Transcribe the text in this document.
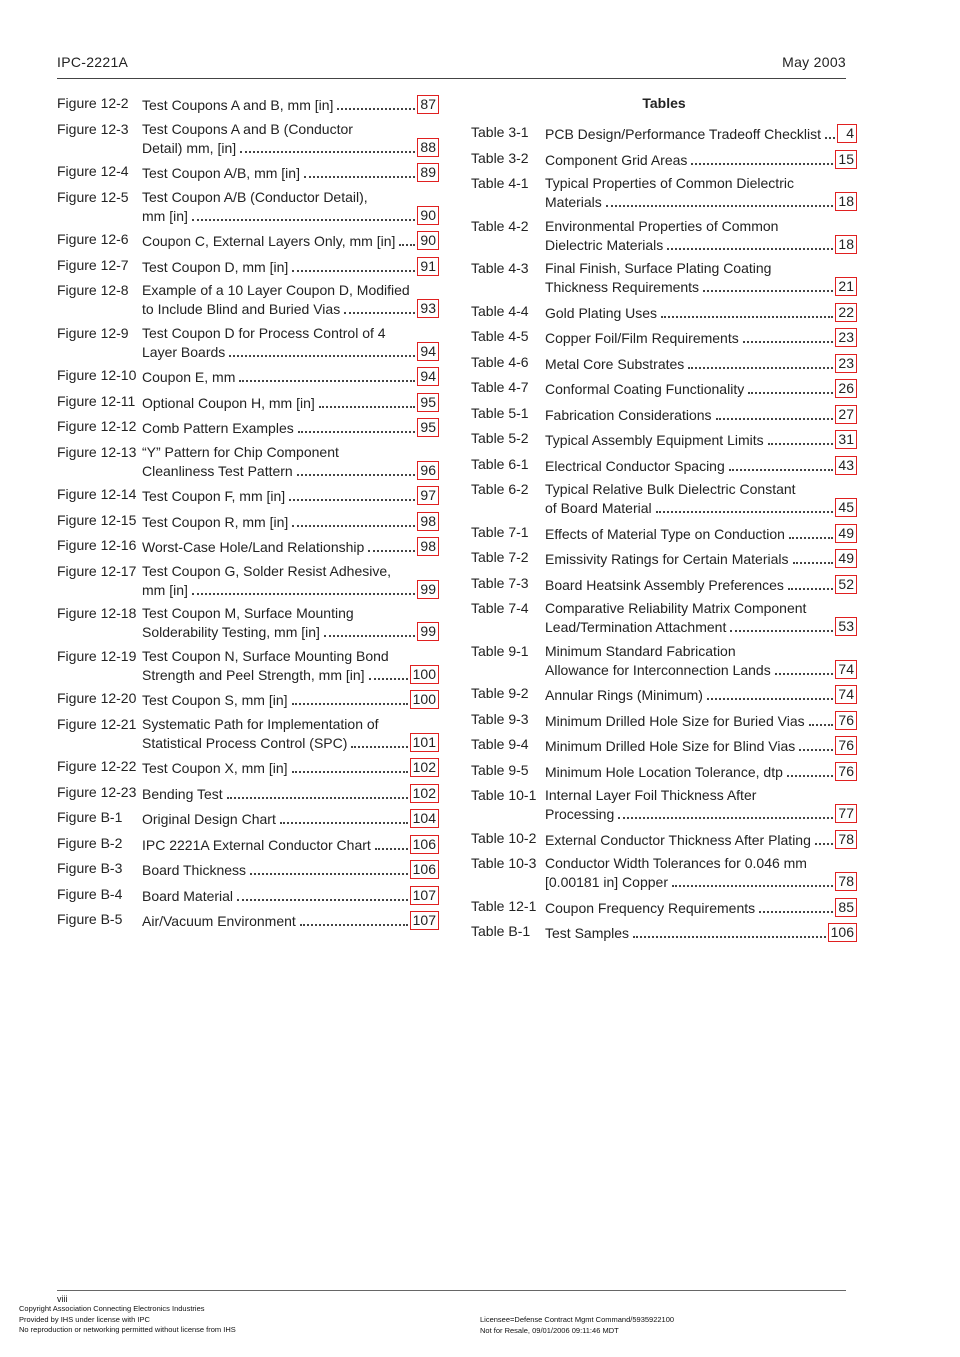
IPC-2221A	May 2003
Figure 12-2 Test Coupons A and B, mm [in]	87
Figure 12-3 Test Coupons A and B (Conductor
Detail) mm, [in]	88
Figure 12-4 Test Coupon A/B, mm [in]	89
Figure 12-5 Test Coupon A/B (Conductor Detail),
mm [in]	90
Figure 12-6 Coupon C, External Layers Only, mm [in] 90
Figure 12-7 Test Coupon D, mm [in]	91
Figure 12-8 Example of a 10 Layer Coupon D, Modified
to Include Blind and Buried Vias	93
Figure 12-9 Test Coupon D for Process Control of 4
Layer Boards	94
Figure 12-10 Coupon E, mm	94
Figure 12-11 Optional Coupon H, mm [in]	95
Figure 12-12 Comb Pattern Examples	95
Figure 12-13 “Y” Pattern for Chip Component
Cleanliness Test Pattern	96
Figure 12-14 Test Coupon F, mm [in]	97
Figure 12-15 Test Coupon R, mm [in]	98
Figure 12-16 Worst-Case Hole/Land Relationship	98
Figure 12-17 Test Coupon G, Solder Resist Adhesive,
mm [in]	99
Figure 12-18 Test Coupon M, Surface Mounting
Solderability Testing, mm [in]	99
Figure 12-19 Test Coupon N, Surface Mounting Bond
Strength and Peel Strength, mm [in]	100
Figure 12-20 Test Coupon S, mm [in]	100
Figure 12-21 Systematic Path for Implementation of
Statistical Process Control (SPC)	101
Figure 12-22 Test Coupon X, mm [in]	102
Figure 12-23 Bending Test	102
Figure B-1	Original Design Chart	104
Figure B-2	IPC 2221A External Conductor Chart	106
Figure B-3	Board Thickness	106
Figure B-4	Board Material	107
Figure B-5	Air/Vacuum Environment	107
Tables
Table 3-1	PCB Design/Performance Tradeoff Checklist	4
Table 3-2	Component Grid Areas	15
Table 4-1	Typical Properties of Common Dielectric
Materials	18
Table 4-2	Environmental Properties of Common
Dielectric Materials	18
Table 4-3	Final Finish, Surface Plating Coating
Thickness Requirements	21
Table 4-4	Gold Plating Uses	22
Table 4-5	Copper Foil/Film Requirements	23
Table 4-6	Metal Core Substrates	23
Table 4-7	Conformal Coating Functionality	26
Table 5-1	Fabrication Considerations	27
Table 5-2	Typical Assembly Equipment Limits	31
Table 6-1	Electrical Conductor Spacing	43
Table 6-2	Typical Relative Bulk Dielectric Constant
of Board Material	45
Table 7-1	Effects of Material Type on Conduction	49
Table 7-2	Emissivity Ratings for Certain Materials	49
Table 7-3	Board Heatsink Assembly Preferences	52
Table 7-4	Comparative Reliability Matrix Component
Lead/Termination Attachment	53
Table 9-1	Minimum Standard Fabrication
Allowance for Interconnection Lands	74
Table 9-2	Annular Rings (Minimum)	74
Table 9-3	Minimum Drilled Hole Size for Buried Vias 76
Table 9-4	Minimum Drilled Hole Size for Blind Vias	76
Table 9-5	Minimum Hole Location Tolerance, dtp	76
Table 10-1 Internal Layer Foil Thickness After
Processing	77
Table 10-2 External Conductor Thickness After Plating 78
Table 10-3 Conductor Width Tolerances for 0.046 mm
[0.00181 in] Copper	78
Table 12-1 Coupon Frequency Requirements	85
Table B-1	Test Samples	106
viii
Copyright Association Connecting Electronics Industries
Provided by IHS under license with IPC
No reproduction or networking permitted without license from IHS
Licensee=Defense Contract Mgmt Command/5935922100
Not for Resale, 09/01/2006 09:11:46 MDT
